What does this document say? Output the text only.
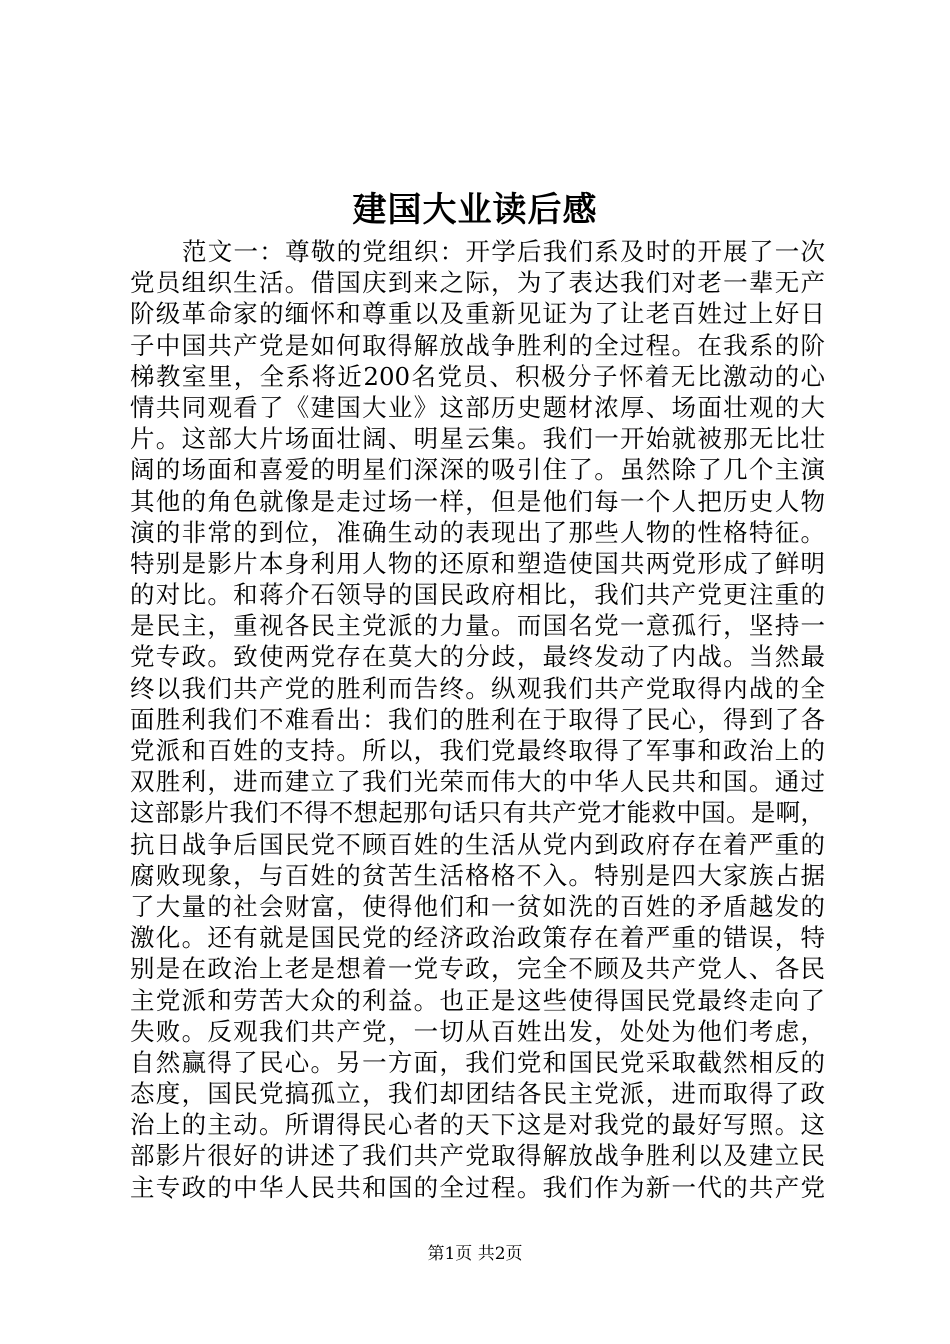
建国大业读后感
范文一：尊敬的党组织：开学后我们系及时的开展了一次
党员组织生活。借国庆到来之际，为了表达我们对老一辈无产
阶级革命家的缅怀和尊重以及重新见证为了让老百姓过上好日
子中国共产党是如何取得解放战争胜利的全过程。在我系的阶
梯教室里，全系将近200名党员、积极分子怀着无比激动的心
情共同观看了《建国大业》这部历史题材浓厚、场面壮观的大
片。这部大片场面壮阔、明星云集。我们一开始就被那无比壮
阔的场面和喜爱的明星们深深的吸引住了。虽然除了几个主演
其他的角色就像是走过场一样，但是他们每一个人把历史人物
演的非常的到位，准确生动的表现出了那些人物的性格特征。
特别是影片本身利用人物的还原和塑造使国共两党形成了鲜明
的对比。和蒋介石领导的国民政府相比，我们共产党更注重的
是民主，重视各民主党派的力量。而国名党一意孤行，坚持一
党专政。致使两党存在莫大的分歧，最终发动了内战。当然最
终以我们共产党的胜利而告终。纵观我们共产党取得内战的全
面胜利我们不难看出：我们的胜利在于取得了民心，得到了各
党派和百姓的支持。所以，我们党最终取得了军事和政治上的
双胜利，进而建立了我们光荣而伟大的中华人民共和国。通过
这部影片我们不得不想起那句话只有共产党才能救中国。是啊，
抗日战争后国民党不顾百姓的生活从党内到政府存在着严重的
腐败现象，与百姓的贫苦生活格格不入。特别是四大家族占据
了大量的社会财富，使得他们和一贫如洗的百姓的矛盾越发的
激化。还有就是国民党的经济政治政策存在着严重的错误，特
别是在政治上老是想着一党专政，完全不顾及共产党人、各民
主党派和劳苦大众的利益。也正是这些使得国民党最终走向了
失败。反观我们共产党，一切从百姓出发，处处为他们考虑，
自然赢得了民心。另一方面，我们党和国民党采取截然相反的
态度，国民党搞孤立，我们却团结各民主党派，进而取得了政
治上的主动。所谓得民心者的天下这是对我党的最好写照。这
部影片很好的讲述了我们共产党取得解放战争胜利以及建立民
主专政的中华人民共和国的全过程。我们作为新一代的共产党
第1页 共2页
